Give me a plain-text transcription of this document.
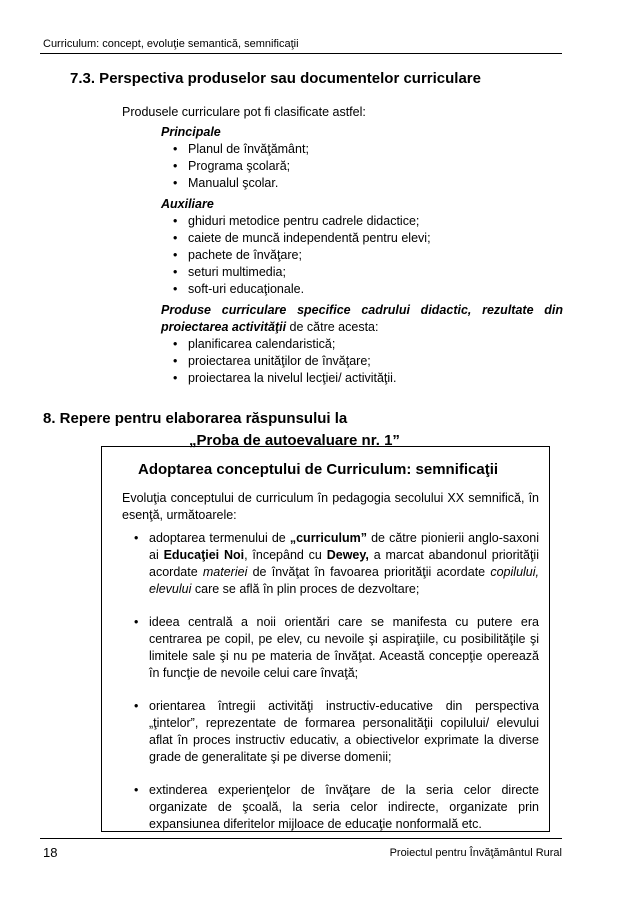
Curriculum: concept, evoluţie semantică, semnificaţii
7.3. Perspectiva produselor sau documentelor curriculare
Produsele curriculare pot fi clasificate astfel:
Principale
• Planul de învăţământ;
• Programa şcolară;
• Manualul şcolar.
Auxiliare
• ghiduri metodice pentru cadrele didactice;
• caiete de muncă independentă pentru elevi;
• pachete de învăţare;
• seturi multimedia;
• soft-uri educaţionale.
Produse curriculare specifice cadrului didactic, rezultate din proiectarea activităţii de către acesta:
• planificarea calendaristică;
• proiectarea unităţilor de învăţare;
• proiectarea la nivelul lecţiei/ activităţii.
8. Repere pentru elaborarea răspunsului la
„Proba de autoevaluare nr. 1”
Adoptarea conceptului de Curriculum: semnificaţii
Evoluţia conceptului de curriculum în pedagogia secolului XX semnifică, în esenţă, următoarele:
• adoptarea termenului de „curriculum” de către pionierii anglo-saxoni ai Educaţiei Noi, începând cu Dewey, a marcat abandonul priorităţii acordate materiei de învăţat în favoarea priorităţii acordate copilului, elevului care se află în plin proces de dezvoltare;
• ideea centrală a noii orientări care se manifesta cu putere era centrarea pe copil, pe elev, cu nevoile şi aspiraţiile, cu posibilităţile şi limitele sale şi nu pe materia de învăţat. Această concepţie operează în funcţie de nevoile celui care învaţă;
• orientarea întregii activităţi instructiv-educative din perspectiva „ţintelor”, reprezentate de formarea personalităţii copilului/ elevului aflat în proces instructiv educativ, a obiectivelor exprimate la diverse grade de generalitate şi pe diverse domenii;
• extinderea experienţelor de învăţare de la seria celor directe organizate de şcoală, la seria celor indirecte, organizate prin expansiunea diferitelor mijloace de educaţie nonformală etc.
18	Proiectul pentru Învăţământul Rural
